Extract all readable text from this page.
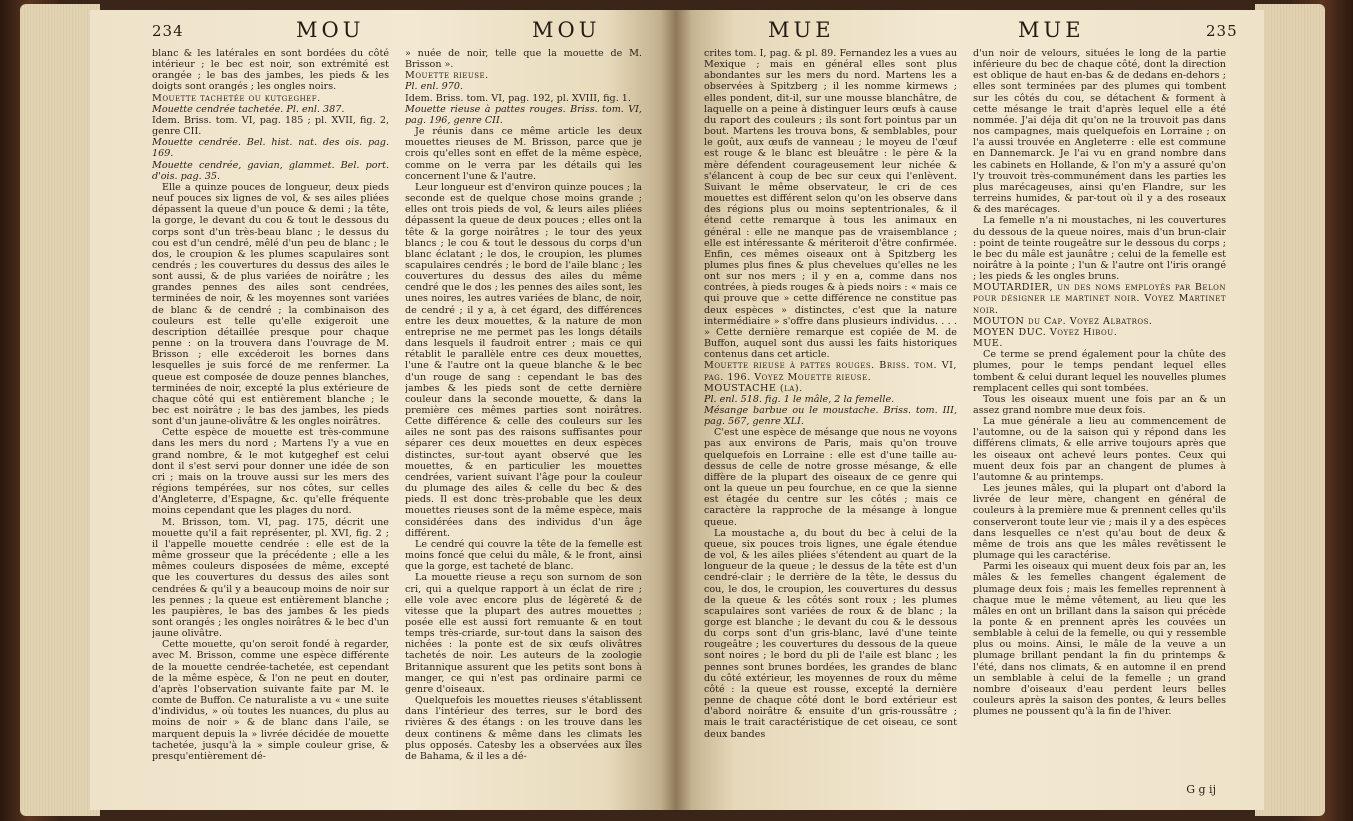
234	MOU	MOU

blanc & les latérales en sont bordées du côté intérieur ; le bec est noir, son extrémité est orangée ; le bas des jambes, les pieds & les doigts sont orangés ; les ongles noirs.

Mouette tachetée ou kutgeghef.

Mouette cendrée tachetée. Pl. enl. 387.

Idem. Briss. tom. VI, pag. 185 ; pl. XVII, fig. 2, genre CII.

Mouette cendrée. Bel. hist. nat. des ois. pag. 169.

Mouette cendrée, gavian, glammet. Bel. port. d'ois. pag. 35.

Elle a quinze pouces de longueur, deux pieds neuf pouces six lignes de vol, & ses ailes pliées dépassent la queue d'un pouce & demi ; la tête, la gorge, le devant du cou & tout le dessous du corps sont d'un très-beau blanc ; le dessus du cou est d'un cendré, mêlé d'un peu de blanc ; le dos, le croupion & les plumes scapulaires sont cendrés ; les couvertures du dessus des ailes le sont aussi, & de plus variées de noirâtre ; les grandes pennes des ailes sont cendrées, terminées de noir, & les moyennes sont variées de blanc & de cendré ; la combinaison des couleurs est telle qu'elle exigeroit une description détaillée presque pour chaque penne : on la trouvera dans l'ouvrage de M. Brisson ; elle excéderoit les bornes dans lesquelles je suis forcé de me renfermer. La queue est composée de douze pennes blanches, terminées de noir, excepté la plus extérieure de chaque côté qui est entièrement blanche ; le bec est noirâtre ; le bas des jambes, les pieds sont d'un jaune-olivâtre & les ongles noirâtres.

Cette espèce de mouette est très-commune dans les mers du nord ; Martens l'y a vue en grand nombre, & le mot kutgeghef est celui dont il s'est servi pour donner une idée de son cri ; mais on la trouve aussi sur les mers des régions tempérées, sur nos côtes, sur celles d'Angleterre, d'Espagne, &c. qu'elle fréquente moins cependant que les plages du nord.

M. Brisson, tom. VI, pag. 175, décrit une mouette qu'il a fait représenter, pl. XVI, fig. 2 ; il l'appelle mouette cendrée : elle est de la même grosseur que la précédente ; elle a les mêmes couleurs disposées de même, excepté que les couvertures du dessus des ailes sont cendrées & qu'il y a beaucoup moins de noir sur les pennes ; la queue est entièrement blanche ; les paupières, le bas des jambes & les pieds sont orangés ; les ongles noirâtres & le bec d'un jaune olivâtre.

Cette mouette, qu'on seroit fondé à regarder, avec M. Brisson, comme une espèce différente de la mouette cendrée-tachetée, est cependant de la même espèce, & l'on ne peut en douter, d'après l'observation suivante faite par M. le comte de Buffon. Ce naturaliste a vu « une suite d'individus, » où toutes les nuances, du plus au moins de noir » & de blanc dans l'aile, se marquent depuis la » livrée décidée de mouette tachetée, jusqu'à la » simple couleur grise, & presqu'entièrement dé-

» nuée de noir, telle que la mouette de M. Brisson ».

Mouette rieuse.

Pl. enl. 970.

Idem. Briss. tom. VI, pag. 192, pl. XVIII, fig. 1.

Mouette rieuse à pattes rouges. Briss. tom. VI, pag. 196, genre CII.

Je réunis dans ce même article les deux mouettes rieuses de M. Brisson, parce que je crois qu'elles sont en effet de la même espèce, comme on le verra par les détails qui les concernent l'une & l'autre.

Leur longueur est d'environ quinze pouces ; la seconde est de quelque chose moins grande ; elles ont trois pieds de vol, & leurs ailes pliées dépassent la queue de deux pouces ; elles ont la tête & la gorge noirâtres ; le tour des yeux blancs ; le cou & tout le dessous du corps d'un blanc éclatant ; le dos, le croupion, les plumes scapulaires cendrés ; le bord de l'aile blanc ; les couvertures du dessus des ailes du même cendré que le dos ; les pennes des ailes sont, les unes noires, les autres variées de blanc, de noir, de cendré ; il y a, à cet égard, des différences entre les deux mouettes, & la nature de mon entreprise ne me permet pas les longs détails dans lesquels il faudroit entrer ; mais ce qui rétablit le parallèle entre ces deux mouettes, l'une & l'autre ont la queue blanche & le bec d'un rouge de sang : cependant le bas des jambes & les pieds sont de cette dernière couleur dans la seconde mouette, & dans la première ces mêmes parties sont noirâtres. Cette différence & celle des couleurs sur les ailes ne sont pas des raisons suffisantes pour séparer ces deux mouettes en deux espèces distinctes, sur-tout ayant observé que les mouettes, & en particulier les mouettes cendrées, varient suivant l'âge pour la couleur du plumage des ailes & celle du bec & des pieds. Il est donc très-probable que les deux mouettes rieuses sont de la même espèce, mais considérées dans des individus d'un âge différent.

Le cendré qui couvre la tête de la femelle est moins foncé que celui du mâle, & le front, ainsi que la gorge, est tacheté de blanc.

La mouette rieuse a reçu son surnom de son cri, qui a quelque rapport à un éclat de rire ; elle vole avec encore plus de légèreté & de vitesse que la plupart des autres mouettes ; posée elle est aussi fort remuante & en tout temps très-criarde, sur-tout dans la saison des nichées : la ponte est de six œufs olivâtres tachetés de noir. Les auteurs de la zoologie Britannique assurent que les petits sont bons à manger, ce qui n'est pas ordinaire parmi ce genre d'oiseaux.

Quelquefois les mouettes rieuses s'établissent dans l'intérieur des terres, sur le bord des rivières & des étangs : on les trouve dans les deux continens & même dans les climats les plus opposés. Catesby les a observées aux îles de Bahama, & il les a dé-

MUE	MUE	235

crites tom. I, pag. & pl. 89. Fernandez les a vues au Mexique ; mais en général elles sont plus abondantes sur les mers du nord. Martens les a observées à Spitzberg ; il les nomme kirmews ; elles pondent, dit-il, sur une mousse blanchâtre, de laquelle on a peine à distinguer leurs œufs à cause du raport des couleurs ; ils sont fort pointus par un bout. Martens les trouva bons, & semblables, pour le goût, aux œufs de vanneau ; le moyeu de l'œuf est rouge & le blanc est bleuâtre : le père & la mère défendent courageusement leur nichée & s'élancent à coup de bec sur ceux qui l'enlèvent. Suivant le même observateur, le cri de ces mouettes est différent selon qu'on les observe dans des régions plus ou moins septentrionales, & il étend cette remarque à tous les animaux en général : elle ne manque pas de vraisemblance ; elle est intéressante & mériteroit d'être confirmée. Enfin, ces mêmes oiseaux ont à Spitzberg les plumes plus fines & plus chevelues qu'elles ne les ont sur nos mers ; il y en a, comme dans nos contrées, à pieds rouges & à pieds noirs : « mais ce qui prouve que » cette différence ne constitue pas deux espèces » distinctes, c'est que la nature intermédiaire » s'offre dans plusieurs individus. . . . » Cette dernière remarque est copiée de M. de Buffon, auquel sont dus aussi les faits historiques contenus dans cet article.

Mouette rieuse à pattes rouges. Briss. tom. VI, pag. 196. Voyez Mouette rieuse.

MOUSTACHE (la).

Pl. enl. 518. fig. 1 le mâle, 2 la femelle.

Mésange barbue ou le moustache. Briss. tom. III, pag. 567, genre XLI.

C'est une espèce de mésange que nous ne voyons pas aux environs de Paris, mais qu'on trouve quelquefois en Lorraine : elle est d'une taille au-dessus de celle de notre grosse mésange, & elle diffère de la plupart des oiseaux de ce genre qui ont la queue un peu fourchue, en ce que la sienne est étagée du centre sur les côtés ; mais ce caractère la rapproche de la mésange à longue queue.

La moustache a, du bout du bec à celui de la queue, six pouces trois lignes, une égale étendue de vol, & les ailes pliées s'étendent au quart de la longueur de la queue ; le dessus de la tête est d'un cendré-clair ; le derrière de la tête, le dessus du cou, le dos, le croupion, les couvertures du dessus de la queue & les côtés sont roux ; les plumes scapulaires sont variées de roux & de blanc ; la gorge est blanche ; le devant du cou & le dessous du corps sont d'un gris-blanc, lavé d'une teinte rougeâtre ; les couvertures du dessous de la queue sont noires ; le bord du pli de l'aile est blanc ; les pennes sont brunes bordées, les grandes de blanc du côté extérieur, les moyennes de roux du même côté : la queue est rousse, excepté la dernière penne de chaque côté dont le bord extérieur est d'abord noirâtre & ensuite d'un gris-roussâtre ; mais le trait caractéristique de cet oiseau, ce sont deux bandes

d'un noir de velours, situées le long de la partie inférieure du bec de chaque côté, dont la direction est oblique de haut en-bas & de dedans en-dehors ; elles sont terminées par des plumes qui tombent sur les côtés du cou, se détachent & forment à cette mésange le trait d'après lequel elle a été nommée. J'ai déja dit qu'on ne la trouvoit pas dans nos campagnes, mais quelquefois en Lorraine ; on l'a aussi trouvée en Angleterre : elle est commune en Dannemarck. Je l'ai vu en grand nombre dans les cabinets en Hollande, & l'on m'y a assuré qu'on l'y trouvoit très-communément dans les parties les plus marécageuses, ainsi qu'en Flandre, sur les terreins humides, & par-tout où il y a des roseaux & des marécages.

La femelle n'a ni moustaches, ni les couvertures du dessous de la queue noires, mais d'un brun-clair : point de teinte rougeâtre sur le dessous du corps ; le bec du mâle est jaunâtre ; celui de la femelle est noirâtre à la pointe ; l'un & l'autre ont l'iris orangé ; les pieds & les ongles bruns.

MOUTARDIER, un des noms employés par Belon pour désigner le martinet noir. Voyez Martinet noir.

MOUTON du Cap. Voyez Albatros.

MOYEN DUC. Voyez Hibou.

MUE.

Ce terme se prend également pour la chûte des plumes, pour le temps pendant lequel elles tombent & celui durant lequel les nouvelles plumes remplacent celles qui sont tombées.

Tous les oiseaux muent une fois par an & un assez grand nombre mue deux fois.

La mue générale a lieu au commencement de l'automne, ou de la saison qui y répond dans les différens climats, & elle arrive toujours après que les oiseaux ont achevé leurs pontes. Ceux qui muent deux fois par an changent de plumes à l'automne & au printemps.

Les jeunes mâles, qui la plupart ont d'abord la livrée de leur mère, changent en général de couleurs à la première mue & prennent celles qu'ils conserveront toute leur vie ; mais il y a des espèces dans lesquelles ce n'est qu'au bout de deux & même de trois ans que les mâles revêtissent le plumage qui les caractérise.

Parmi les oiseaux qui muent deux fois par an, les mâles & les femelles changent également de plumage deux fois ; mais les femelles reprennent à chaque mue le même vêtement, au lieu que les mâles en ont un brillant dans la saison qui précède la ponte & en prennent après les couvées un semblable à celui de la femelle, ou qui y ressemble plus ou moins. Ainsi, le mâle de la veuve a un plumage brillant pendant la fin du printemps & l'été, dans nos climats, & en automne il en prend un semblable à celui de la femelle ; un grand nombre d'oiseaux d'eau perdent leurs belles couleurs après la saison des pontes, & leurs belles plumes ne poussent qu'à la fin de l'hiver.

G g ij
